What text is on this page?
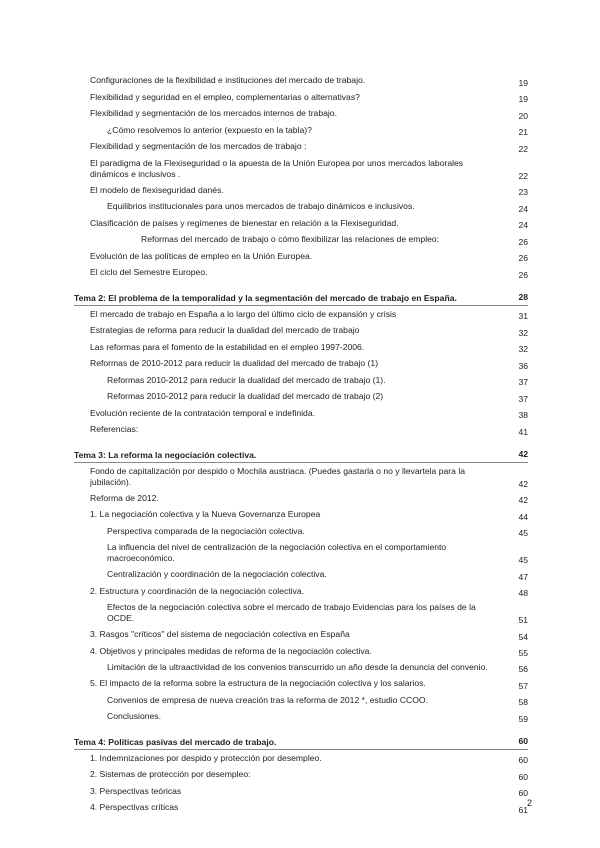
Configuraciones de la flexibilidad e instituciones del mercado de trabajo.	19
Flexibilidad y seguridad en el empleo, complementarias o alternativas?	19
Flexibilidad y segmentación de los mercados internos de trabajo.	20
¿Cómo resolvemos lo anterior (expuesto en la tabla)?	21
Flexibilidad y segmentación de los mercados de trabajo :	22
El paradigma de la Flexiseguridad o la apuesta de la Unión Europea por unos mercados laborales dinámicos e inclusivos .	22
El modelo de flexiseguridad danés.	23
Equilibrios institucionales para unos mercados de trabajo dinámicos e inclusivos.	24
Clasificación de países y regímenes de bienestar en relación a la Flexiseguridad.	24
Reformas del mercado de trabajo o cómo flexibilizar las relaciones de empleo:	26
Evolución de las políticas de empleo en la Unión Europea.	26
El ciclo del Semestre Europeo.	26
Tema 2: El problema de la temporalidad y la segmentación del mercado de trabajo en España.	28
El mercado de trabajo en España a lo largo del último ciclo de expansión y crisis	31
Estrategias de reforma para reducir la dualidad del mercado de trabajo	32
Las reformas para el fomento de la estabilidad en el empleo 1997-2006.	32
Reformas de 2010-2012 para reducir la dualidad del mercado de trabajo (1)	36
Reformas 2010-2012 para reducir la dualidad del mercado de trabajo (1).	37
Reformas 2010-2012 para reducir la dualidad del mercado de trabajo (2)	37
Evolución reciente de la contratación temporal e indefinida.	38
Referencias:	41
Tema 3: La reforma la negociación colectiva.	42
Fondo de capitalización por despido o Mochila austriaca. (Puedes gastarla o no y llevartela para la jubilación).	42
Reforma de 2012.	42
1. La negociación colectiva y la Nueva Governanza Europea	44
Perspectiva comparada de la negociación colectiva.	45
La influencia del nivel de centralización de la negociación colectiva en el comportamiento macroeconómico.	45
Centralización y coordinación de la negociación colectiva.	47
2. Estructura y coordinación de la negociación colectiva.	48
Efectos de la negociación colectiva sobre el mercado de trabajo Evidencias para los países de la OCDE.	51
3. Rasgos "críticos" del sistema de negociación colectiva en España	54
4. Objetivos y principales medidas de reforma de la negociación colectiva.	55
Limitación de la ultraactividad de los convenios transcurrido un año desde la denuncia del convenio.	56
5. El impacto de la reforma sobre la estructura de la negociación colectiva y los salarios.	57
Convenios de empresa de nueva creación tras la reforma de 2012 *, estudio CCOO.	58
Conclusiones.	59
Tema 4: Políticas pasivas del mercado de trabajo.	60
1. Indemnizaciones por despido y protección por desempleo.	60
2. Sistemas de protección por desempleo:	60
3. Perspectivas teóricas	60
4. Perspectivas críticas	61
2
